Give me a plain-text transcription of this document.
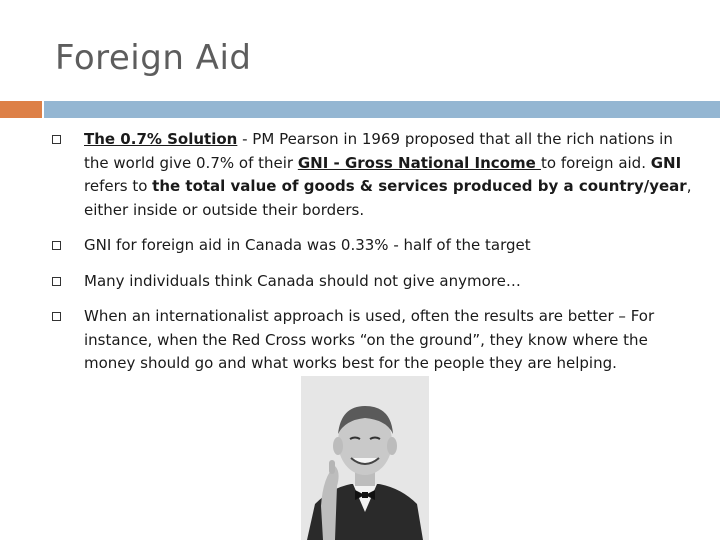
Foreign Aid
The 0.7% Solution - PM Pearson in 1969 proposed that all the rich nations in the world give 0.7% of their GNI - Gross National Income to foreign aid. GNI refers to the total value of goods & services produced by a country/year, either inside or outside their borders.
GNI for foreign aid in Canada was 0.33% - half of the target
Many individuals think Canada should not give anymore…
When an internationalist approach is used, often the results are better – For instance, when the Red Cross works “on the ground”, they know where the money should go and what works best for the people they are helping.
